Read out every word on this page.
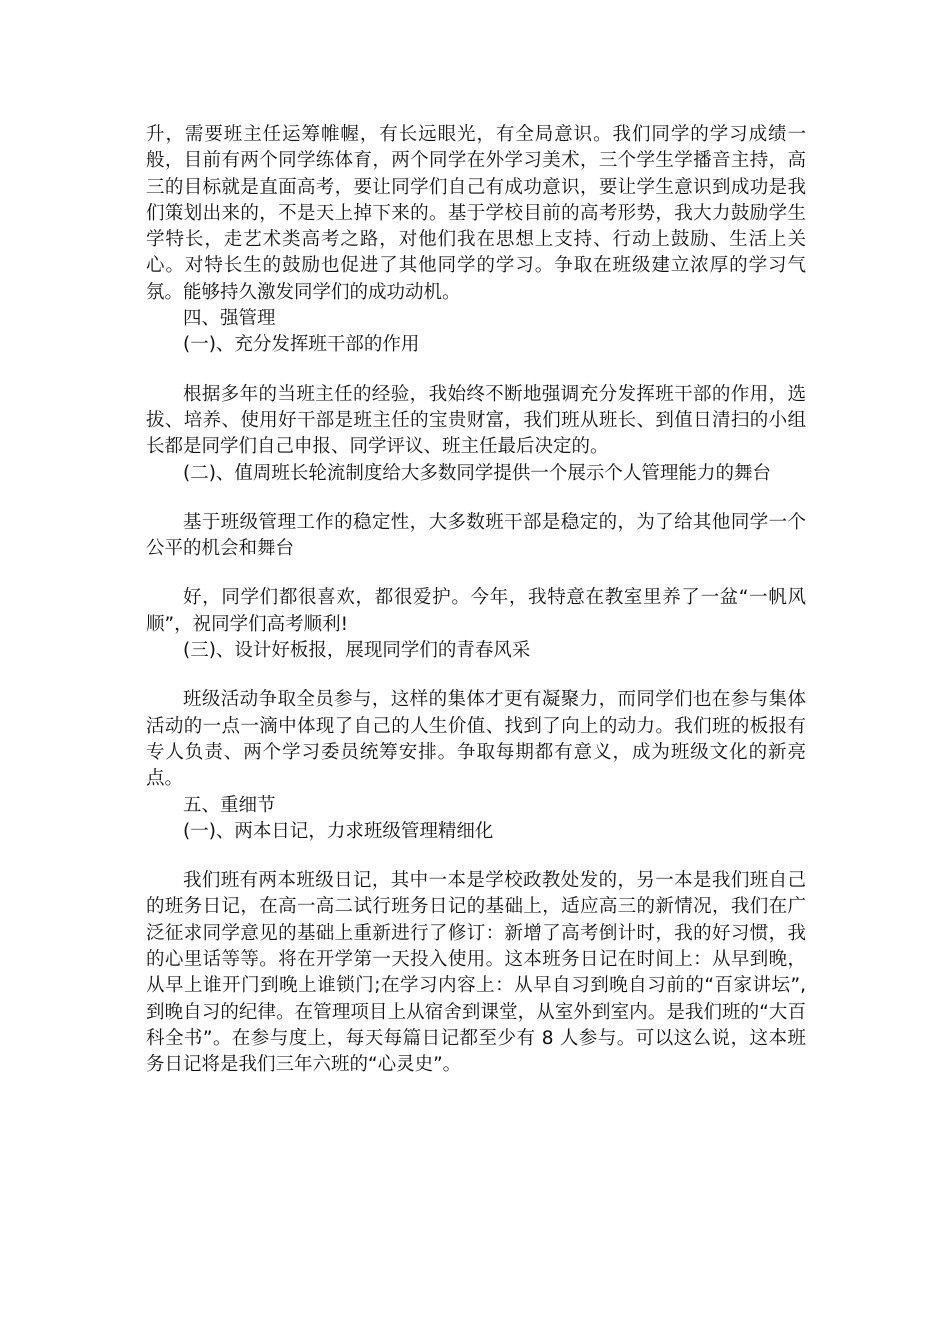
升，需要班主任运筹帷幄，有长远眼光，有全局意识。我们同学的学习成绩一般，目前有两个同学练体育，两个同学在外学习美术，三个学生学播音主持，高三的目标就是直面高考，要让同学们自己有成功意识，要让学生意识到成功是我们策划出来的，不是天上掉下来的。基于学校目前的高考形势，我大力鼓励学生学特长，走艺术类高考之路，对他们我在思想上支持、行动上鼓励、生活上关心。对特长生的鼓励也促进了其他同学的学习。争取在班级建立浓厚的学习气氛。能够持久激发同学们的成功动机。

四、强管理

(一)、充分发挥班干部的作用

根据多年的当班主任的经验，我始终不断地强调充分发挥班干部的作用，选拔、培养、使用好干部是班主任的宝贵财富，我们班从班长、到值日清扫的小组长都是同学们自己申报、同学评议、班主任最后决定的。

(二)、值周班长轮流制度给大多数同学提供一个展示个人管理能力的舞台

基于班级管理工作的稳定性，大多数班干部是稳定的，为了给其他同学一个公平的机会和舞台

好，同学们都很喜欢，都很爱护。今年，我特意在教室里养了一盆“一帆风顺”，祝同学们高考顺利!

(三)、设计好板报，展现同学们的青春风采

班级活动争取全员参与，这样的集体才更有凝聚力，而同学们也在参与集体活动的一点一滴中体现了自己的人生价值、找到了向上的动力。我们班的板报有专人负责、两个学习委员统筹安排。争取每期都有意义，成为班级文化的新亮点。

五、重细节

(一)、两本日记，力求班级管理精细化

我们班有两本班级日记，其中一本是学校政教处发的，另一本是我们班自己的班务日记，在高一高二试行班务日记的基础上，适应高三的新情况，我们在广泛征求同学意见的基础上重新进行了修订：新增了高考倒计时，我的好习惯，我的心里话等等。将在开学第一天投入使用。这本班务日记在时间上：从早到晚，从早上谁开门到晚上谁锁门;在学习内容上：从早自习到晚自习前的“百家讲坛”,到晚自习的纪律。在管理项目上从宿舍到课堂，从室外到室内。是我们班的“大百科全书”。在参与度上，每天每篇日记都至少有 8 人参与。可以这么说，这本班务日记将是我们三年六班的“心灵史”。
